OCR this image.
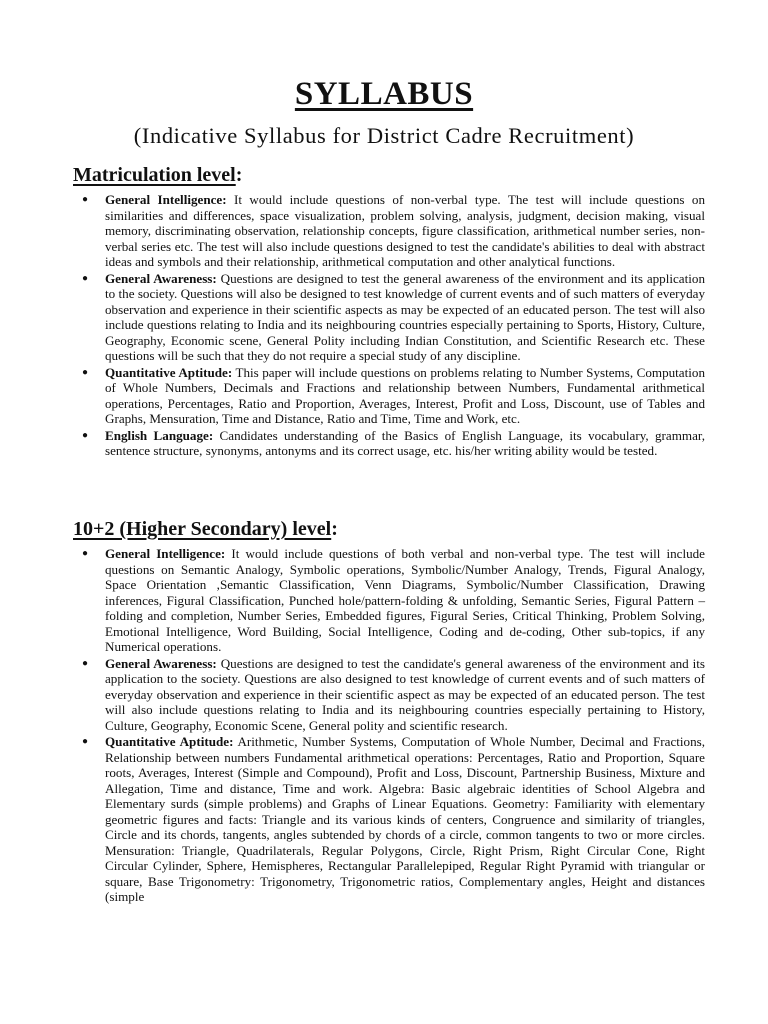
SYLLABUS

(Indicative Syllabus for District Cadre Recruitment)

Matriculation level:
● General Intelligence: It would include questions of non-verbal type. The test will include questions on similarities and differences, space visualization, problem solving, analysis, judgment, decision making, visual memory, discriminating observation, relationship concepts, figure classification, arithmetical number series, non-verbal series etc. The test will also include questions designed to test the candidate's abilities to deal with abstract ideas and symbols and their relationship, arithmetical computation and other analytical functions.
● General Awareness: Questions are designed to test the general awareness of the environment and its application to the society. Questions will also be designed to test knowledge of current events and of such matters of everyday observation and experience in their scientific aspects as may be expected of an educated person. The test will also include questions relating to India and its neighbouring countries especially pertaining to Sports, History, Culture, Geography, Economic scene, General Polity including Indian Constitution, and Scientific Research etc. These questions will be such that they do not require a special study of any discipline.
● Quantitative Aptitude: This paper will include questions on problems relating to Number Systems, Computation of Whole Numbers, Decimals and Fractions and relationship between Numbers, Fundamental arithmetical operations, Percentages, Ratio and Proportion, Averages, Interest, Profit and Loss, Discount, use of Tables and Graphs, Mensuration, Time and Distance, Ratio and Time, Time and Work, etc.
● English Language: Candidates understanding of the Basics of English Language, its vocabulary, grammar, sentence structure, synonyms, antonyms and its correct usage, etc. his/her writing ability would be tested.
10+2 (Higher Secondary) level:
● General Intelligence: It would include questions of both verbal and non-verbal type. The test will include questions on Semantic Analogy, Symbolic operations, Symbolic/Number Analogy, Trends, Figural Analogy, Space Orientation ,Semantic Classification, Venn Diagrams, Symbolic/Number Classification, Drawing inferences, Figural Classification, Punched hole/pattern-folding & unfolding, Semantic Series, Figural Pattern – folding and completion, Number Series, Embedded figures, Figural Series, Critical Thinking, Problem Solving, Emotional Intelligence, Word Building, Social Intelligence, Coding and de-coding, Other sub-topics, if any Numerical operations.
● General Awareness: Questions are designed to test the candidate's general awareness of the environment and its application to the society. Questions are also designed to test knowledge of current events and of such matters of everyday observation and experience in their scientific aspect as may be expected of an educated person. The test will also include questions relating to India and its neighbouring countries especially pertaining to History, Culture, Geography, Economic Scene, General polity and scientific research.
● Quantitative Aptitude: Arithmetic, Number Systems, Computation of Whole Number, Decimal and Fractions, Relationship between numbers Fundamental arithmetical operations: Percentages, Ratio and Proportion, Square roots, Averages, Interest (Simple and Compound), Profit and Loss, Discount, Partnership Business, Mixture and Allegation, Time and distance, Time and work. Algebra: Basic algebraic identities of School Algebra and Elementary surds (simple problems) and Graphs of Linear Equations. Geometry: Familiarity with elementary geometric figures and facts: Triangle and its various kinds of centers, Congruence and similarity of triangles, Circle and its chords, tangents, angles subtended by chords of a circle, common tangents to two or more circles. Mensuration: Triangle, Quadrilaterals, Regular Polygons, Circle, Right Prism, Right Circular Cone, Right Circular Cylinder, Sphere, Hemispheres, Rectangular Parallelepiped, Regular Right Pyramid with triangular or square, Base Trigonometry: Trigonometry, Trigonometric ratios, Complementary angles, Height and distances (simple
